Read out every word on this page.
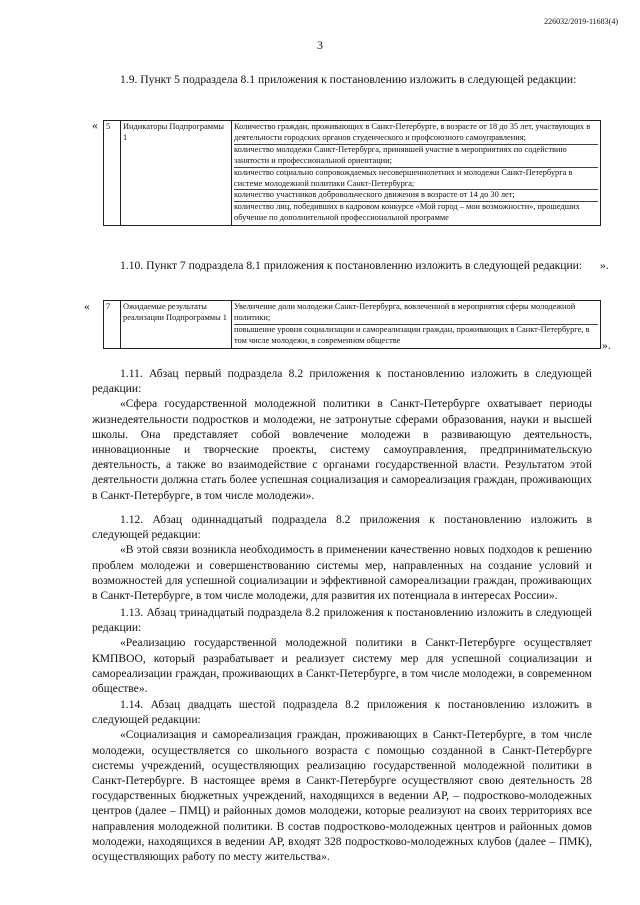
226032/2019-11683(4)
3

1.9. Пункт 5 подраздела 8.1 приложения к постановлению изложить в следующей редакции:

« 5	Индикаторы Подпрограммы 1	
Количество граждан, проживающих в Санкт-Петербурге, в возрасте от 18 до 35 лет, участвующих в деятельности городских органов студенческого и профсоюзного самоуправления;
количество молодежи Санкт-Петербурга, принявшей участие в мероприятиях по содействию занятости и профессиональной ориентации;
количество социально сопровождаемых несовершеннолетних и молодежи Санкт-Петербурга в системе молодежной политики Санкт-Петербурга;
количество участников добровольческого движения в возрасте от 14 до 30 лет;
количество лиц, победивших в кадровом конкурсе «Мой город – мои возможности», прошедших обучение по дополнительной профессиональной программе
».

1.10. Пункт 7 подраздела 8.1 приложения к постановлению изложить в следующей редакции:

« 7	Ожидаемые результаты реализации Подпрограммы 1	
Увеличение доли молодежи Санкт-Петербурга, вовлеченной в мероприятия сферы молодежной политики;
повышение уровня социализации и самореализации граждан, проживающих в Санкт-Петербурге, в том числе молодежи, в современном обществе	».

1.11. Абзац первый подраздела 8.2 приложения к постановлению изложить в следующей редакции:

«Сфера государственной молодежной политики в Санкт-Петербурге охватывает периоды жизнедеятельности подростков и молодежи, не затронутые сферами образования, науки и высшей школы. Она представляет собой вовлечение молодежи в развивающую деятельность, инновационные и творческие проекты, систему самоуправления, предпринимательскую деятельность, а также во взаимодействие с органами государственной власти. Результатом этой деятельности должна стать более успешная социализация и самореализация граждан, проживающих в Санкт-Петербурге, в том числе молодежи».

1.12. Абзац одиннадцатый подраздела 8.2 приложения к постановлению изложить в следующей редакции:

«В этой связи возникла необходимость в применении качественно новых подходов к решению проблем молодежи и совершенствованию системы мер, направленных на создание условий и возможностей для успешной социализации и эффективной самореализации граждан, проживающих в Санкт-Петербурге, в том числе молодежи, для развития их потенциала в интересах России».

1.13. Абзац тринадцатый подраздела 8.2 приложения к постановлению изложить в следующей редакции:

«Реализацию государственной молодежной политики в Санкт-Петербурге осуществляет КМПВОО, который разрабатывает и реализует систему мер для успешной социализации и самореализации граждан, проживающих в Санкт-Петербурге, в том числе молодежи, в современном обществе».

1.14. Абзац двадцать шестой подраздела 8.2 приложения к постановлению изложить в следующей редакции:

«Социализация и самореализация граждан, проживающих в Санкт-Петербурге, в том числе молодежи, осуществляется со школьного возраста с помощью созданной в Санкт-Петербурге системы учреждений, осуществляющих реализацию государственной молодежной политики в Санкт-Петербурге. В настоящее время в Санкт-Петербурге осуществляют свою деятельность 28 государственных бюджетных учреждений, находящихся в ведении АР, – подростково-молодежных центров (далее – ПМЦ) и районных домов молодежи, которые реализуют на своих территориях все направления молодежной политики. В состав подростково-молодежных центров и районных домов молодежи, находящихся в ведении АР, входят 328 подростково-молодежных клубов (далее – ПМК), осуществляющих работу по месту жительства».
